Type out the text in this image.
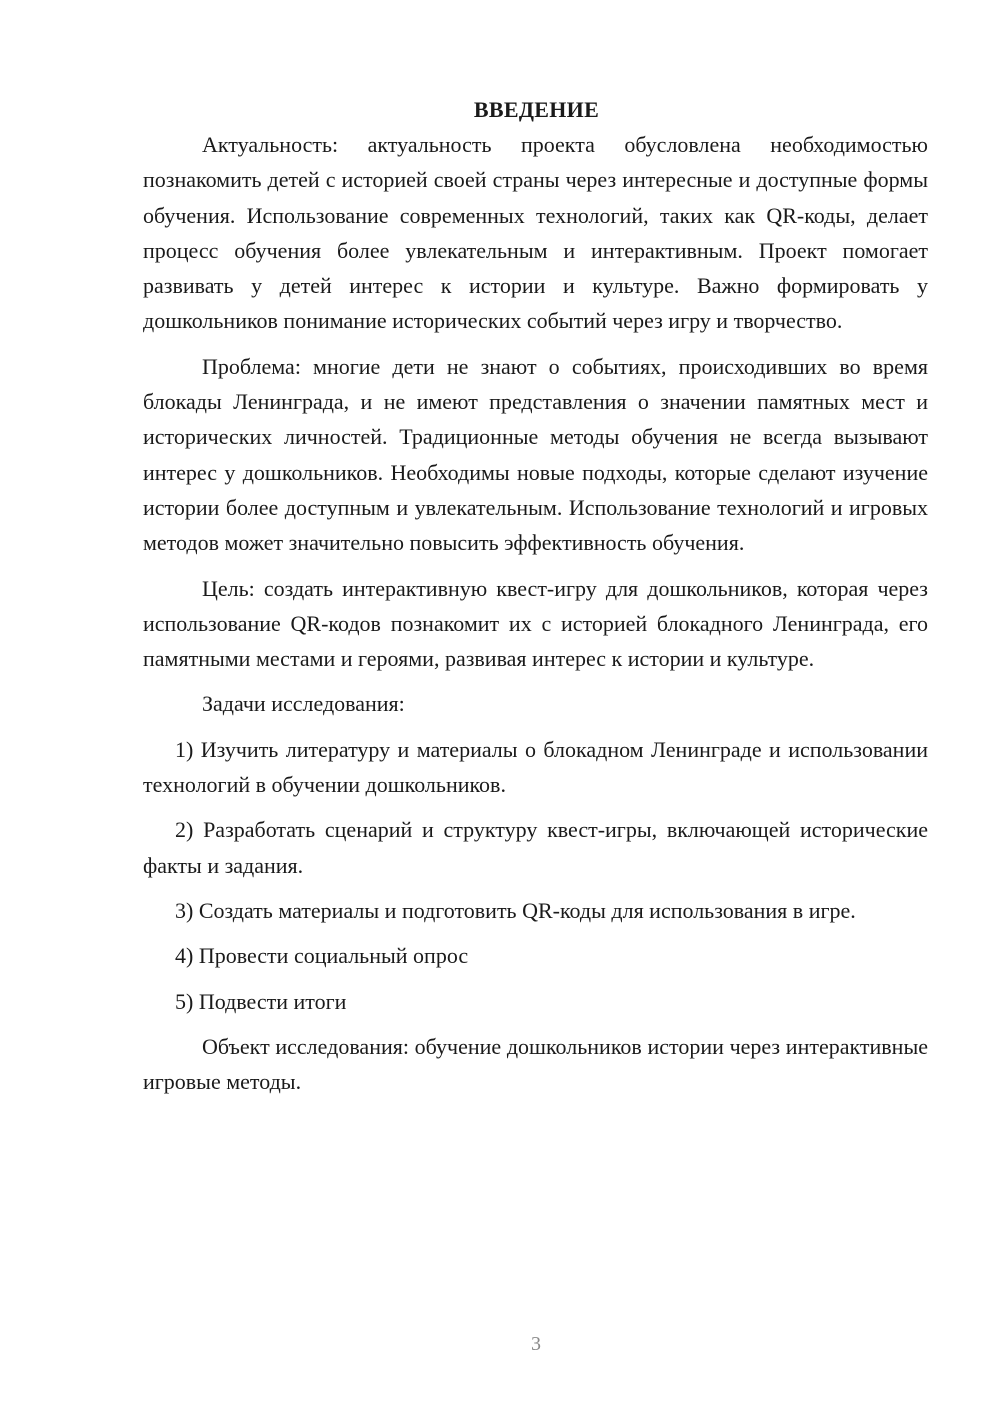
ВВЕДЕНИЕ

Актуальность: актуальность проекта обусловлена необходимостью познакомить детей с историей своей страны через интересные и доступные формы обучения. Использование современных технологий, таких как QR-коды, делает процесс обучения более увлекательным и интерактивным. Проект помогает развивать у детей интерес к истории и культуре. Важно формировать у дошкольников понимание исторических событий через игру и творчество.

Проблема: многие дети не знают о событиях, происходивших во время блокады Ленинграда, и не имеют представления о значении памятных мест и исторических личностей. Традиционные методы обучения не всегда вызывают интерес у дошкольников. Необходимы новые подходы, которые сделают изучение истории более доступным и увлекательным. Использование технологий и игровых методов может значительно повысить эффективность обучения.

Цель: создать интерактивную квест-игру для дошкольников, которая через использование QR-кодов познакомит их с историей блокадного Ленинграда, его памятными местами и героями, развивая интерес к истории и культуре.

Задачи исследования:

1) Изучить литературу и материалы о блокадном Ленинграде и использовании технологий в обучении дошкольников.

2) Разработать сценарий и структуру квест-игры, включающей исторические факты и задания.

3) Создать материалы и подготовить QR-коды для использования в игре.

4) Провести социальный опрос

5) Подвести итоги

Объект исследования: обучение дошкольников истории через интерактивные игровые методы.

3
